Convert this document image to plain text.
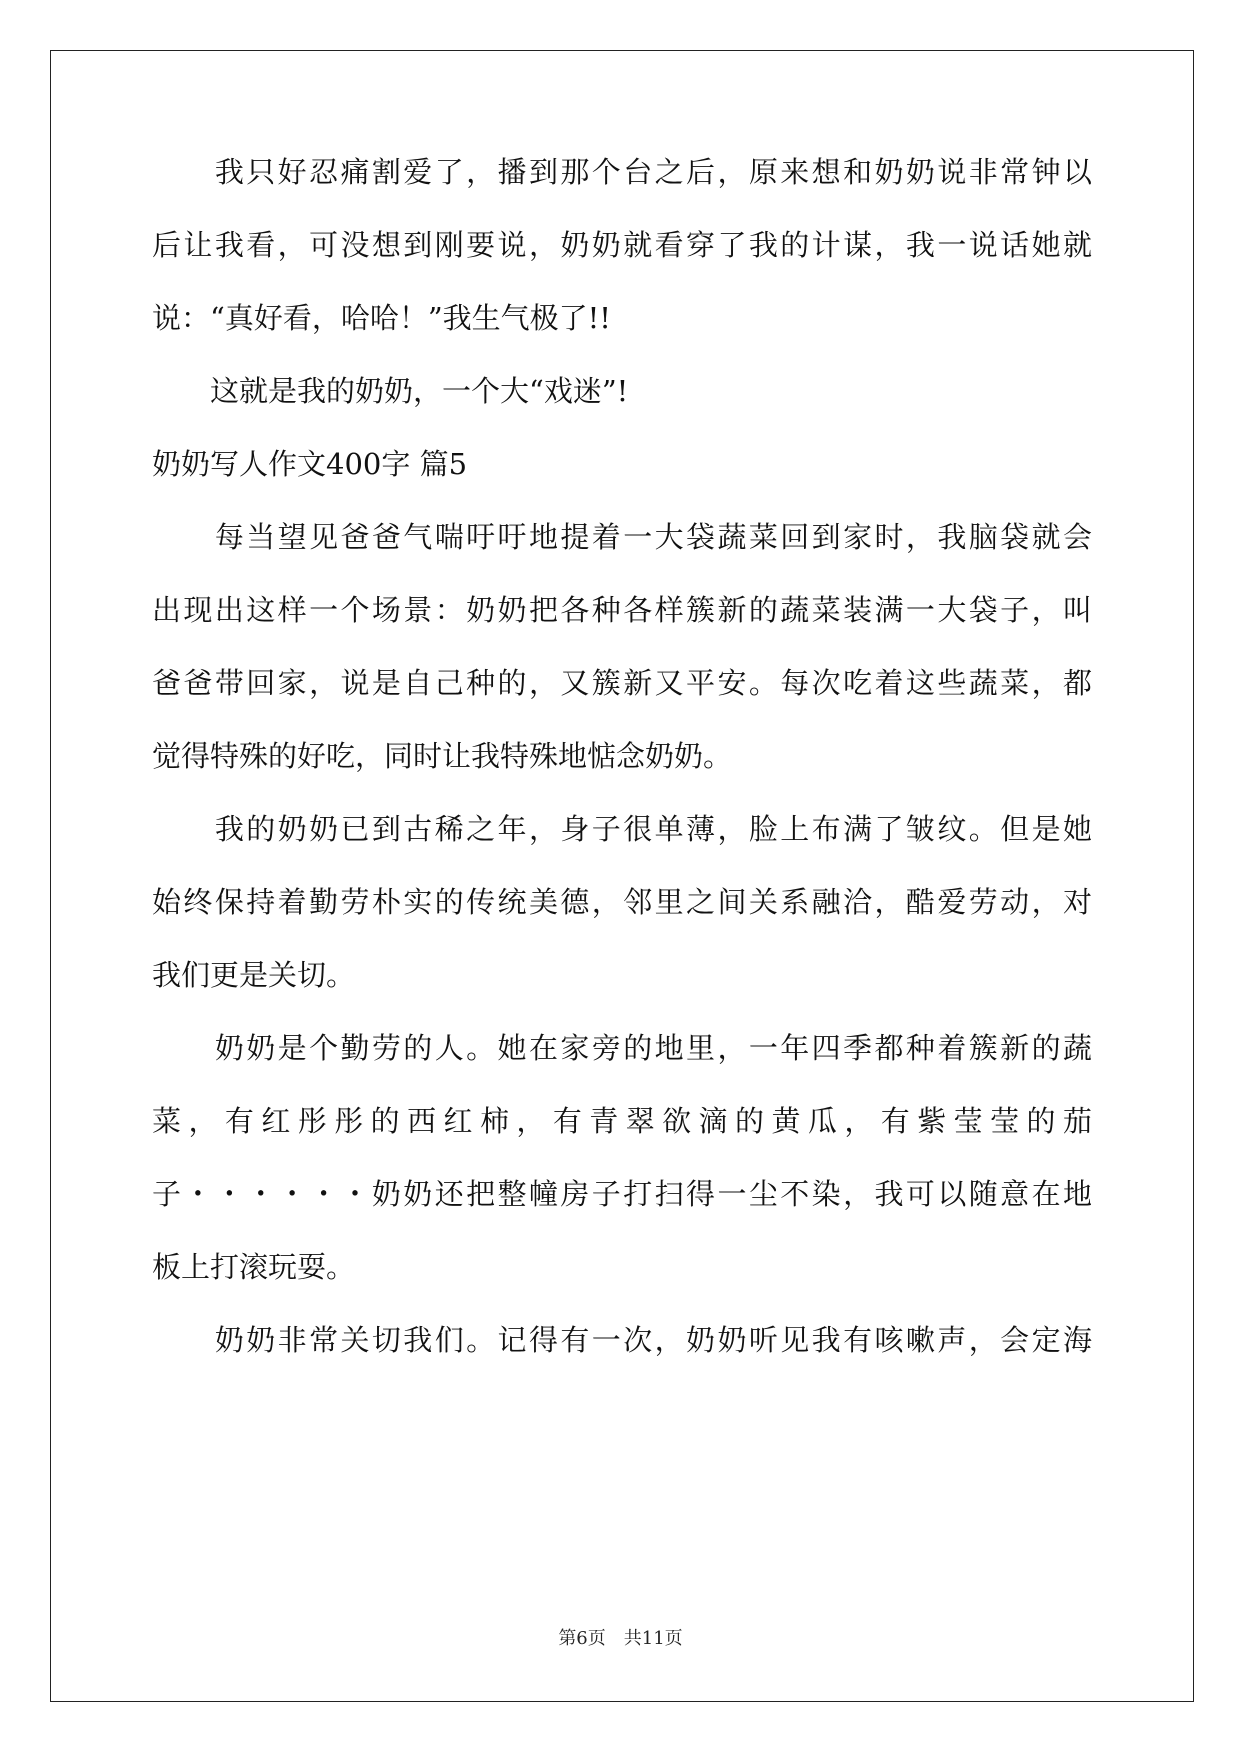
　　我只好忍痛割爱了，播到那个台之后，原来想和奶奶说非常钟以
后让我看，可没想到刚要说，奶奶就看穿了我的计谋，我一说话她就
说：“真好看，哈哈！”我生气极了!!
　　这就是我的奶奶，一个大“戏迷”!
奶奶写人作文400字 篇5
　　每当望见爸爸气喘吁吁地提着一大袋蔬菜回到家时，我脑袋就会
出现出这样一个场景：奶奶把各种各样簇新的蔬菜装满一大袋子，叫
爸爸带回家，说是自己种的，又簇新又平安。每次吃着这些蔬菜，都
觉得特殊的好吃，同时让我特殊地惦念奶奶。
　　我的奶奶已到古稀之年，身子很单薄，脸上布满了皱纹。但是她
始终保持着勤劳朴实的传统美德，邻里之间关系融洽，酷爱劳动，对
我们更是关切。
　　奶奶是个勤劳的人。她在家旁的地里，一年四季都种着簇新的蔬
菜，有红彤彤的西红柿，有青翠欲滴的黄瓜，有紫莹莹的茄
子・・・・・・奶奶还把整幢房子打扫得一尘不染，我可以随意在地
板上打滚玩耍。
　　奶奶非常关切我们。记得有一次，奶奶听见我有咳嗽声，会定海
第6页　共11页
